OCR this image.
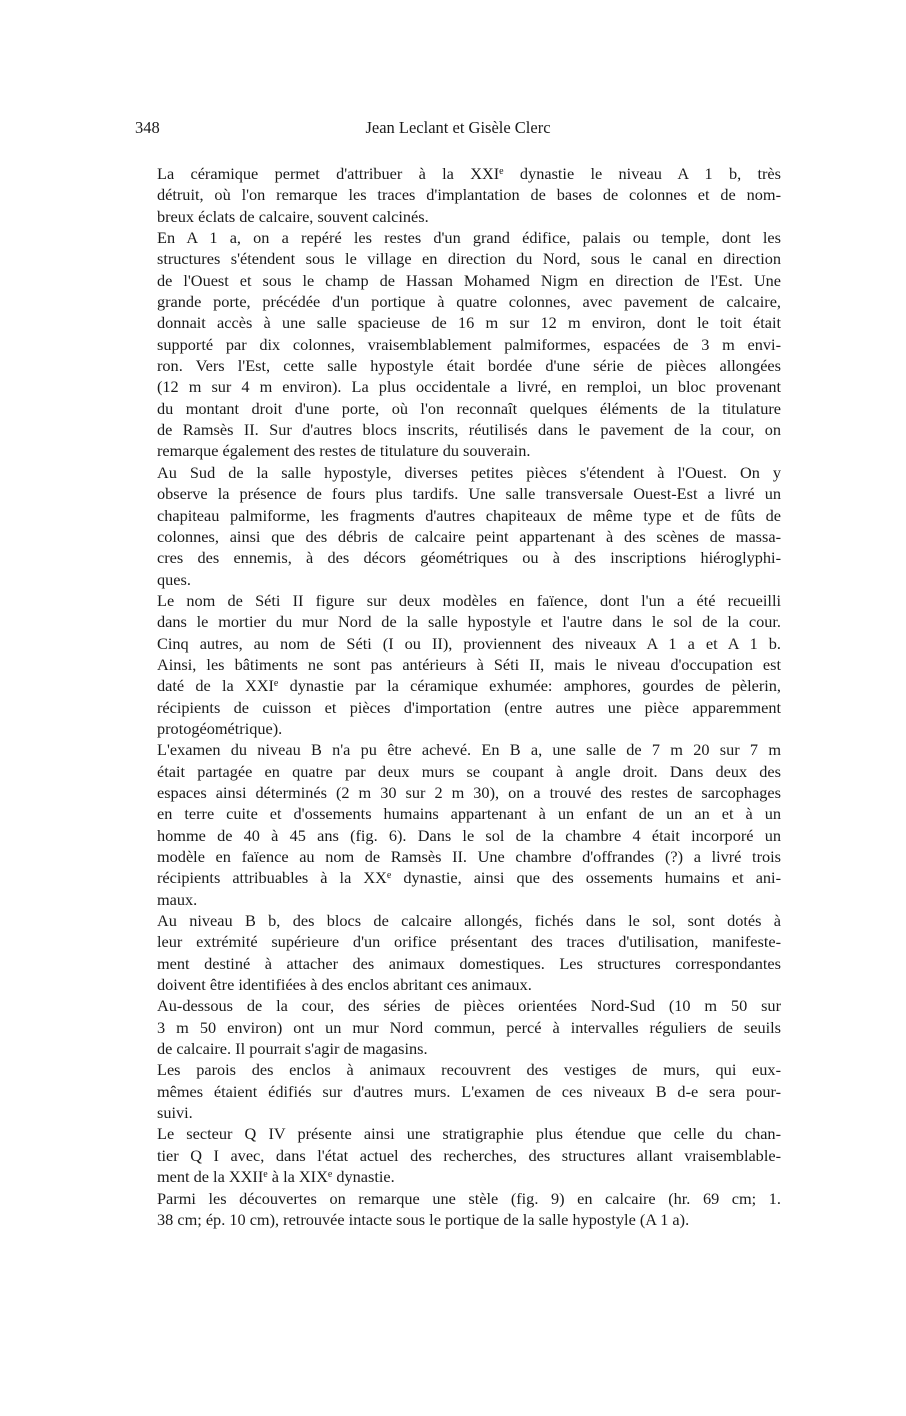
348	Jean Leclant et Gisèle Clerc
La céramique permet d'attribuer à la XXIe dynastie le niveau A 1 b, très
détruit, où l'on remarque les traces d'implantation de bases de colonnes et de nom-
breux éclats de calcaire, souvent calcinés.
En A 1 a, on a repéré les restes d'un grand édifice, palais ou temple, dont les
structures s'étendent sous le village en direction du Nord, sous le canal en direction
de l'Ouest et sous le champ de Hassan Mohamed Nigm en direction de l'Est. Une
grande porte, précédée d'un portique à quatre colonnes, avec pavement de calcaire,
donnait accès à une salle spacieuse de 16 m sur 12 m environ, dont le toit était
supporté par dix colonnes, vraisemblablement palmiformes, espacées de 3 m envi-
ron. Vers l'Est, cette salle hypostyle était bordée d'une série de pièces allongées
(12 m sur 4 m environ). La plus occidentale a livré, en remploi, un bloc provenant
du montant droit d'une porte, où l'on reconnaît quelques éléments de la titulature
de Ramsès II. Sur d'autres blocs inscrits, réutilisés dans le pavement de la cour, on
remarque également des restes de titulature du souverain.
Au Sud de la salle hypostyle, diverses petites pièces s'étendent à l'Ouest. On y
observe la présence de fours plus tardifs. Une salle transversale Ouest-Est a livré un
chapiteau palmiforme, les fragments d'autres chapiteaux de même type et de fûts de
colonnes, ainsi que des débris de calcaire peint appartenant à des scènes de massa-
cres des ennemis, à des décors géométriques ou à des inscriptions hiéroglyphi-
ques.
Le nom de Séti II figure sur deux modèles en faïence, dont l'un a été recueilli
dans le mortier du mur Nord de la salle hypostyle et l'autre dans le sol de la cour.
Cinq autres, au nom de Séti (I ou II), proviennent des niveaux A 1 a et A 1 b.
Ainsi, les bâtiments ne sont pas antérieurs à Séti II, mais le niveau d'occupation est
daté de la XXIe dynastie par la céramique exhumée: amphores, gourdes de pèlerin,
récipients de cuisson et pièces d'importation (entre autres une pièce apparemment
protogéométrique).
L'examen du niveau B n'a pu être achevé. En B a, une salle de 7 m 20 sur 7 m
était partagée en quatre par deux murs se coupant à angle droit. Dans deux des
espaces ainsi déterminés (2 m 30 sur 2 m 30), on a trouvé des restes de sarcophages
en terre cuite et d'ossements humains appartenant à un enfant de un an et à un
homme de 40 à 45 ans (fig. 6). Dans le sol de la chambre 4 était incorporé un
modèle en faïence au nom de Ramsès II. Une chambre d'offrandes (?) a livré trois
récipients attribuables à la XXe dynastie, ainsi que des ossements humains et ani-
maux.
Au niveau B b, des blocs de calcaire allongés, fichés dans le sol, sont dotés à
leur extrémité supérieure d'un orifice présentant des traces d'utilisation, manifeste-
ment destiné à attacher des animaux domestiques. Les structures correspondantes
doivent être identifiées à des enclos abritant ces animaux.
Au-dessous de la cour, des séries de pièces orientées Nord-Sud (10 m 50 sur
3 m 50 environ) ont un mur Nord commun, percé à intervalles réguliers de seuils
de calcaire. Il pourrait s'agir de magasins.
Les parois des enclos à animaux recouvrent des vestiges de murs, qui eux-
mêmes étaient édifiés sur d'autres murs. L'examen de ces niveaux B d-e sera pour-
suivi.
Le secteur Q IV présente ainsi une stratigraphie plus étendue que celle du chan-
tier Q I avec, dans l'état actuel des recherches, des structures allant vraisemblable-
ment de la XXIIe à la XIXe dynastie.
Parmi les découvertes on remarque une stèle (fig. 9) en calcaire (hr. 69 cm; 1.
38 cm; ép. 10 cm), retrouvée intacte sous le portique de la salle hypostyle (A 1 a).
